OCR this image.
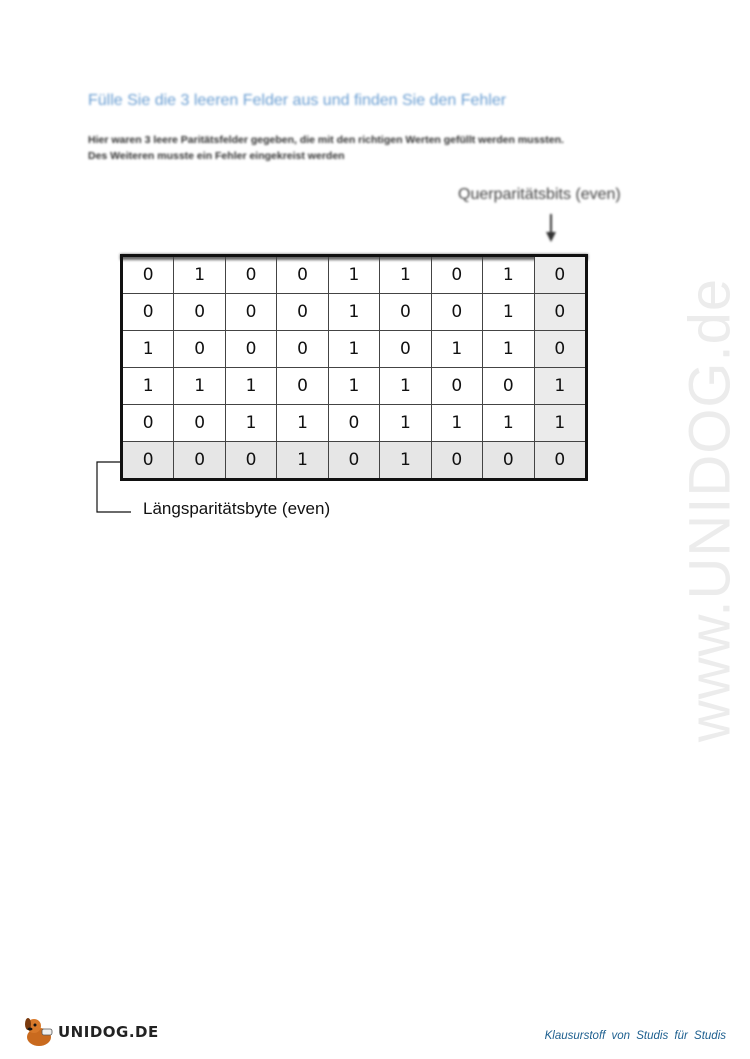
Fülle Sie die 3 leeren Felder aus und finden Sie den Fehler
Hier waren 3 leere Paritätsfelder gegeben, die mit den richtigen Werten gefüllt werden mussten.
Des Weiteren musste ein Fehler eingekreist werden
Querparitätsbits (even)
0	1	0	0	1	1	0	1	0
0	0	0	0	1	0	0	1	0
1	0	0	0	1	0	1	1	0
1	1	1	0	1	1	0	0	1
0	0	1	1	0	1	1	1	1
0	0	0	1	0	1	0	0	0
Längsparitätsbyte (even)	www.UNIDOG.de
UNIDOG.DE	Klausurstoff von Studis für Studis
